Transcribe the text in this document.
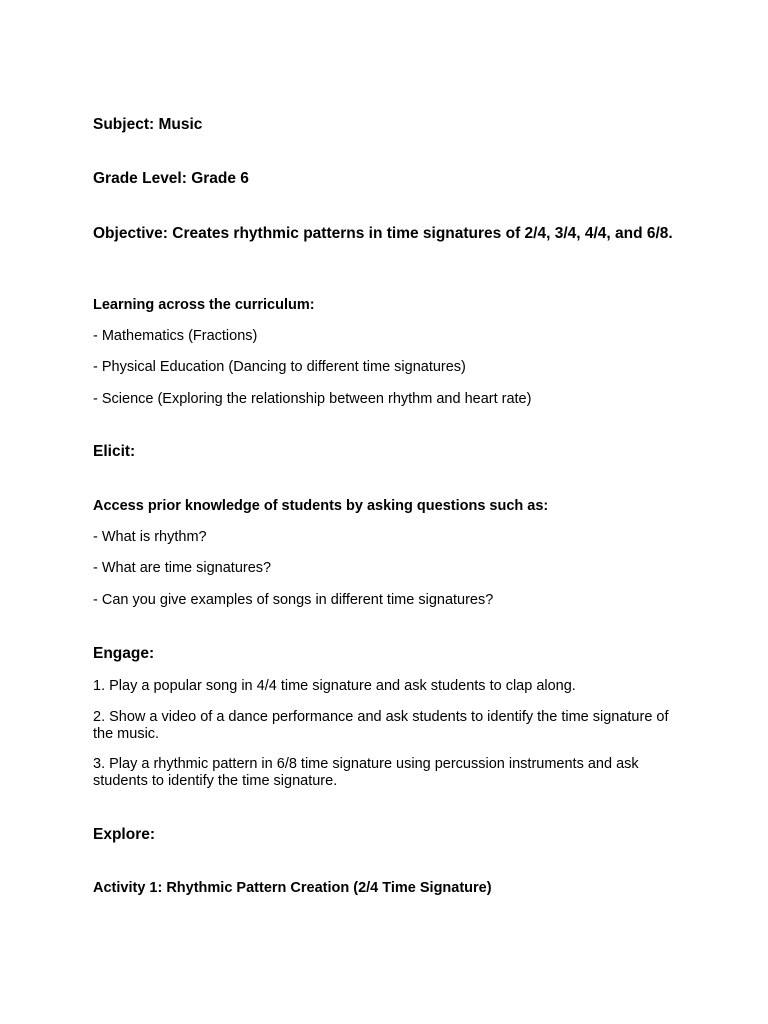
Subject: Music

Grade Level: Grade 6

Objective: Creates rhythmic patterns in time signatures of 2/4, 3/4, 4/4, and 6/8.

Learning across the curriculum:

- Mathematics (Fractions)

- Physical Education (Dancing to different time signatures)

- Science (Exploring the relationship between rhythm and heart rate)

Elicit:

Access prior knowledge of students by asking questions such as:

- What is rhythm?

- What are time signatures?

- Can you give examples of songs in different time signatures?

Engage:

1. Play a popular song in 4/4 time signature and ask students to clap along.

2. Show a video of a dance performance and ask students to identify the time signature of the music.

3. Play a rhythmic pattern in 6/8 time signature using percussion instruments and ask students to identify the time signature.

Explore:

Activity 1: Rhythmic Pattern Creation (2/4 Time Signature)
